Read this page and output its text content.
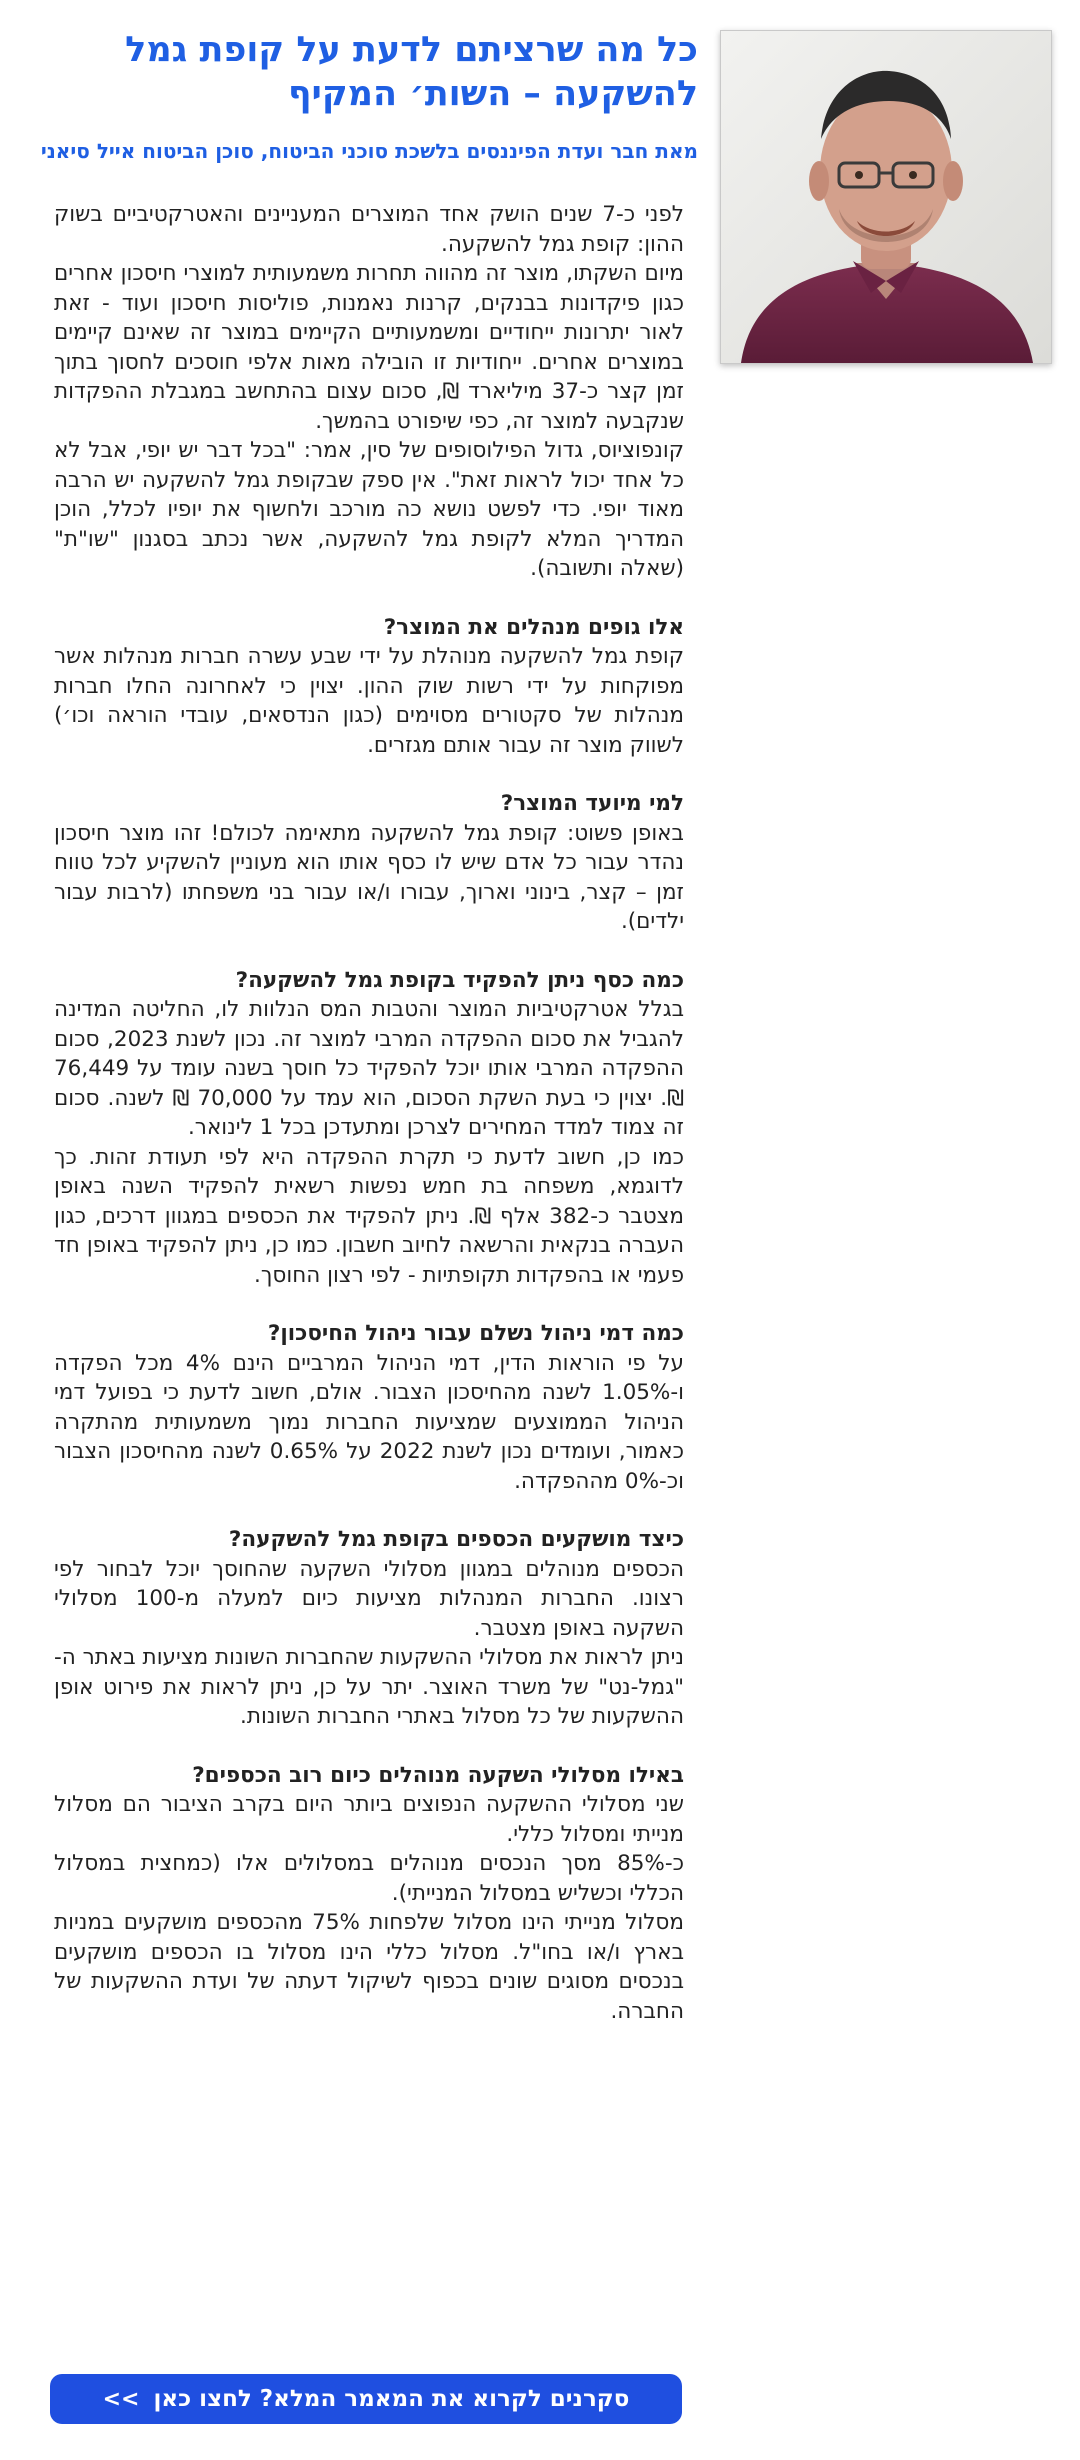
כל מה שרציתם לדעת על קופת גמל להשקעה – השות׳ המקיף

מאת חבר ועדת הפיננסים בלשכת סוכני הביטוח, סוכן הביטוח אייל סיאני

לפני כ-7 שנים הושק אחד המוצרים המעניינים והאטרקטיביים בשוק ההון: קופת גמל להשקעה.

מיום השקתו, מוצר זה מהווה תחרות משמעותית למוצרי חיסכון אחרים כגון פיקדונות בבנקים, קרנות נאמנות, פוליסות חיסכון ועוד - זאת לאור יתרונות ייחודיים ומשמעותיים הקיימים במוצר זה שאינם קיימים במוצרים אחרים. ייחודיות זו הובילה מאות אלפי חוסכים לחסוך בתוך זמן קצר כ-37 מיליארד ₪, סכום עצום בהתחשב במגבלת ההפקדות שנקבעה למוצר זה, כפי שיפורט בהמשך.

קונפוציוס, גדול הפילוסופים של סין, אמר: "בכל דבר יש יופי, אבל לא כל אחד יכול לראות זאת". אין ספק שבקופת גמל להשקעה יש הרבה מאוד יופי. כדי לפשט נושא כה מורכב ולחשוף את יופיו לכלל, הוכן המדריך המלא לקופת גמל להשקעה, אשר נכתב בסגנון "שו"ת" (שאלה ותשובה).

אלו גופים מנהלים את המוצר?

קופת גמל להשקעה מנוהלת על ידי שבע עשרה חברות מנהלות אשר מפוקחות על ידי רשות שוק ההון. יצוין כי לאחרונה החלו חברות מנהלות של סקטורים מסוימים (כגון הנדסאים, עובדי הוראה וכו׳) לשווק מוצר זה עבור אותם מגזרים.

למי מיועד המוצר?

באופן פשוט: קופת גמל להשקעה מתאימה לכולם! זהו מוצר חיסכון נהדר עבור כל אדם שיש לו כסף אותו הוא מעוניין להשקיע לכל טווח זמן – קצר, בינוני וארוך, עבורו ו/או עבור בני משפחתו (לרבות עבור ילדים).

כמה כסף ניתן להפקיד בקופת גמל להשקעה?

בגלל אטרקטיביות המוצר והטבות המס הנלוות לו, החליטה המדינה להגביל את סכום ההפקדה המרבי למוצר זה. נכון לשנת 2023, סכום ההפקדה המרבי אותו יוכל להפקיד כל חוסך בשנה עומד על 76,449 ₪. יצוין כי בעת השקת הסכום, הוא עמד על 70,000 ₪ לשנה. סכום זה צמוד למדד המחירים לצרכן ומתעדכן בכל 1 לינואר.

כמו כן, חשוב לדעת כי תקרת ההפקדה היא לפי תעודת זהות. כך לדוגמא, משפחה בת חמש נפשות רשאית להפקיד השנה באופן מצטבר כ-382 אלף ₪. ניתן להפקיד את הכספים במגוון דרכים, כגון העברה בנקאית והרשאה לחיוב חשבון. כמו כן, ניתן להפקיד באופן חד פעמי או בהפקדות תקופתיות - לפי רצון החוסך.

כמה דמי ניהול נשלם עבור ניהול החיסכון?

על פי הוראות הדין, דמי הניהול המרביים הינם 4% מכל הפקדה ו-1.05% לשנה מהחיסכון הצבור. אולם, חשוב לדעת כי בפועל דמי הניהול הממוצעים שמציעות החברות נמוך משמעותית מהתקרה כאמור, ועומדים נכון לשנת 2022 על 0.65% לשנה מהחיסכון הצבור וכ-0% מההפקדה.

כיצד מושקעים הכספים בקופת גמל להשקעה?

הכספים מנוהלים במגוון מסלולי השקעה שהחוסך יוכל לבחור לפי רצונו. החברות המנהלות מציעות כיום למעלה מ-100 מסלולי השקעה באופן מצטבר.

ניתן לראות את מסלולי ההשקעות שהחברות השונות מציעות באתר ה-"גמל-נט" של משרד האוצר. יתר על כן, ניתן לראות את פירוט אופן ההשקעות של כל מסלול באתרי החברות השונות.

באילו מסלולי השקעה מנוהלים כיום רוב הכספים?

שני מסלולי ההשקעה הנפוצים ביותר היום בקרב הציבור הם מסלול מנייתי ומסלול כללי.

כ-85% מסך הנכסים מנוהלים במסלולים אלו (כמחצית במסלול הכללי וכשליש במסלול המנייתי).

מסלול מנייתי הינו מסלול שלפחות 75% מהכספים מושקעים במניות בארץ ו/או בחו"ל. מסלול כללי הינו מסלול בו הכספים מושקעים בנכסים מסוגים שונים בכפוף לשיקול דעתה של ועדת ההשקעות של החברה.

סקרנים לקרוא את המאמר המלא? לחצו כאן
>>
